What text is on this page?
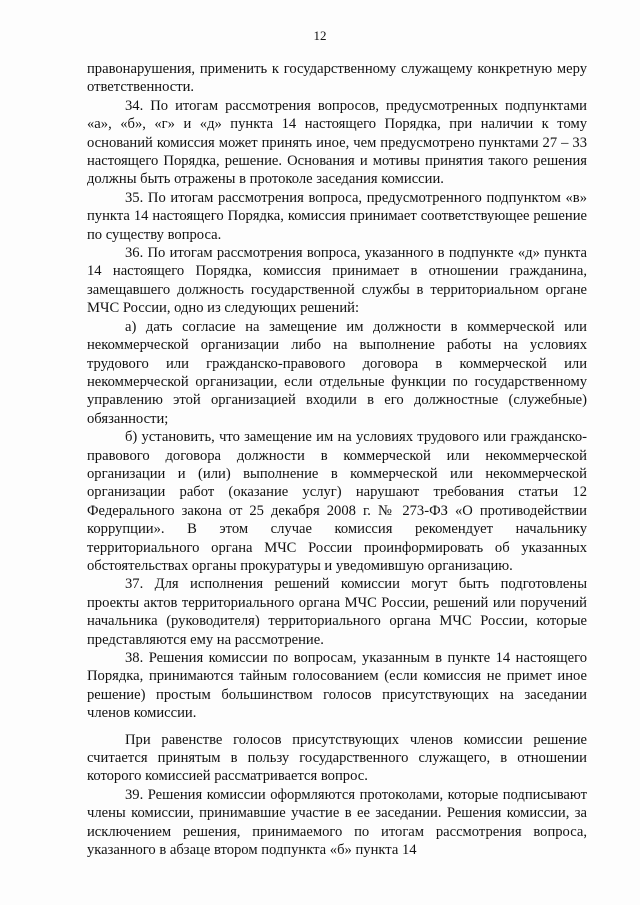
12

правонарушения, применить к государственному служащему конкретную меру ответственности.

34. По итогам рассмотрения вопросов, предусмотренных подпунктами «а», «б», «г» и «д» пункта 14 настоящего Порядка, при наличии к тому оснований комиссия может принять иное, чем предусмотрено пунктами 27 – 33 настоящего Порядка, решение. Основания и мотивы принятия такого решения должны быть отражены в протоколе заседания комиссии.

35. По итогам рассмотрения вопроса, предусмотренного подпунктом «в» пункта 14 настоящего Порядка, комиссия принимает соответствующее решение по существу вопроса.

36. По итогам рассмотрения вопроса, указанного в подпункте «д» пункта 14 настоящего Порядка, комиссия принимает в отношении гражданина, замещавшего должность государственной службы в территориальном органе МЧС России, одно из следующих решений:

а) дать согласие на замещение им должности в коммерческой или некоммерческой организации либо на выполнение работы на условиях трудового или гражданско-правового договора в коммерческой или некоммерческой организации, если отдельные функции по государственному управлению этой организацией входили в его должностные (служебные) обязанности;

б) установить, что замещение им на условиях трудового или гражданско-правового договора должности в коммерческой или некоммерческой организации и (или) выполнение в коммерческой или некоммерческой организации работ (оказание услуг) нарушают требования статьи 12 Федерального закона от 25 декабря 2008 г. № 273-ФЗ «О противодействии коррупции». В этом случае комиссия рекомендует начальнику территориального органа МЧС России проинформировать об указанных обстоятельствах органы прокуратуры и уведомившую организацию.

37. Для исполнения решений комиссии могут быть подготовлены проекты актов территориального органа МЧС России, решений или поручений начальника (руководителя) территориального органа МЧС России, которые представляются ему на рассмотрение.

38. Решения комиссии по вопросам, указанным в пункте 14 настоящего Порядка, принимаются тайным голосованием (если комиссия не примет иное решение) простым большинством голосов присутствующих на заседании членов комиссии.

При равенстве голосов присутствующих членов комиссии решение считается принятым в пользу государственного служащего, в отношении которого комиссией рассматривается вопрос.

39. Решения комиссии оформляются протоколами, которые подписывают члены комиссии, принимавшие участие в ее заседании. Решения комиссии, за исключением решения, принимаемого по итогам рассмотрения вопроса, указанного в абзаце втором подпункта «б» пункта 14
